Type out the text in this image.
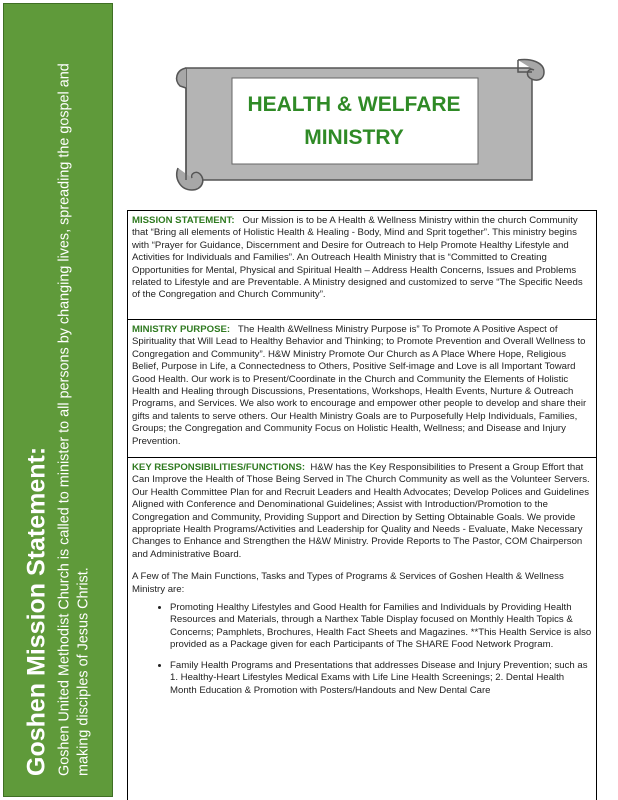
Goshen Mission Statement: Goshen United Methodist Church is called to minister to all persons by changing lives, spreading the gospel and making disciples of Jesus Christ.
HEALTH & WELFARE
MINISTRY

MISSION STATEMENT: Our Mission is to be A Health & Wellness Ministry within the church Community that “Bring all elements of Holistic Health & Healing - Body, Mind and Sprit together”. This ministry begins with “Prayer for Guidance, Discernment and Desire for Outreach to Help Promote Healthy Lifestyle and Activities for Individuals and Families”. An Outreach Health Ministry that is “Committed to Creating Opportunities for Mental, Physical and Spiritual Health – Address Health Concerns, Issues and Problems related to Lifestyle and are Preventable. A Ministry designed and customized to serve “The Specific Needs of the Congregation and Church Community”.

MINISTRY PURPOSE: The Health &Wellness Ministry Purpose is” To Promote A Positive Aspect of Spirituality that Will Lead to Healthy Behavior and Thinking; to Promote Prevention and Overall Wellness to Congregation and Community”. H&W Ministry Promote Our Church as A Place Where Hope, Religious Belief, Purpose in Life, a Connectedness to Others, Positive Self-image and Love is all Important Toward Good Health. Our work is to Present/Coordinate in the Church and Community the Elements of Holistic Health and Healing through Discussions, Presentations, Workshops, Health Events, Nurture & Outreach Programs, and Services. We also work to encourage and empower other people to develop and share their gifts and talents to serve others. Our Health Ministry Goals are to Purposefully Help Individuals, Families, Groups; the Congregation and Community Focus on Holistic Health, Wellness; and Disease and Injury Prevention.

KEY RESPONSIBILITIES/FUNCTIONS: H&W has the Key Responsibilities to Present a Group Effort that Can Improve the Health of Those Being Served in The Church Community as well as the Volunteer Servers. Our Health Committee Plan for and Recruit Leaders and Health Advocates; Develop Polices and Guidelines Aligned with Conference and Denominational Guidelines; Assist with Introduction/Promotion to the Congregation and Community, Providing Support and Direction by Setting Obtainable Goals. We provide appropriate Health Programs/Activities and Leadership for Quality and Needs - Evaluate, Make Necessary Changes to Enhance and Strengthen the H&W Ministry. Provide Reports to The Pastor, COM Chairperson and Administrative Board.

A Few of The Main Functions, Tasks and Types of Programs & Services of Goshen Health & Wellness Ministry are:

• Promoting Healthy Lifestyles and Good Health for Families and Individuals by Providing Health Resources and Materials, through a Narthex Table Display focused on Monthly Health Topics & Concerns; Pamphlets, Brochures, Health Fact Sheets and Magazines. **This Health Service is also provided as a Package given for each Participants of The SHARE Food Network Program.
• Family Health Programs and Presentations that addresses Disease and Injury Prevention; such as 1. Healthy-Heart Lifestyles Medical Exams with Life Line Health Screenings; 2. Dental Health Month Education & Promotion with Posters/Handouts and New Dental Care
